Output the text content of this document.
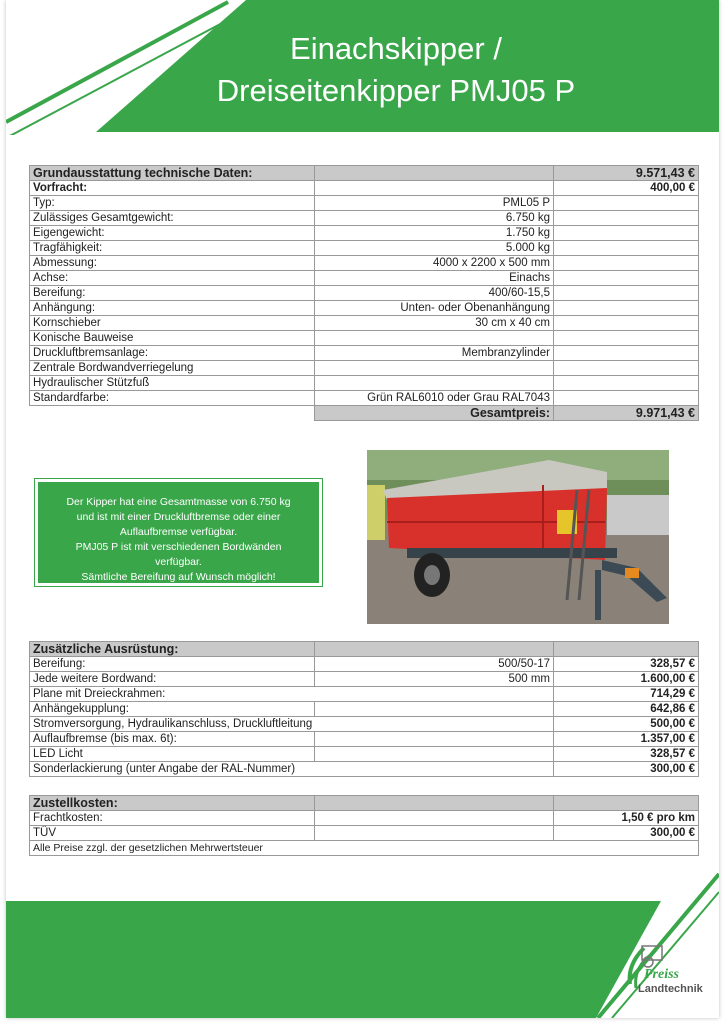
Einachskipper /
Dreiseitenkipper PMJ05 P
Grundausstattung technische Daten:		9.571,43 €
Vorfracht:		400,00 €
Typ:	PML05 P	
Zulässiges Gesamtgewicht:	6.750 kg	
Eigengewicht:	1.750 kg	
Tragfähigkeit:	5.000 kg	
Abmessung:	4000 x 2200 x 500 mm	
Achse:	Einachs	
Bereifung:	400/60-15,5	
Anhängung:	Unten- oder Obenanhängung	
Kornschieber	30 cm x 40 cm	
Konische Bauweise		
Druckluftbremsanlage:	Membranzylinder	
Zentrale Bordwandverriegelung		
Hydraulischer Stützfuß		
Standardfarbe:	Grün RAL6010 oder Grau RAL7043	
	Gesamtpreis:	9.971,43 €
Der Kipper hat eine Gesamtmasse von 6.750 kg
und ist mit einer Druckluftbremse oder einer
Auflaufbremse verfügbar.
PMJ05 P ist mit verschiedenen Bordwänden
verfügbar.
Sämtliche Bereifung auf Wunsch möglich!
Zusätzliche Ausrüstung:		
Bereifung:	500/50-17	328,57 €
Jede weitere Bordwand:	500 mm	1.600,00 €
Plane mit Dreieckrahmen:		714,29 €
Anhängekupplung:		642,86 €
Stromversorgung, Hydraulikanschluss, Druckluftleitung		500,00 €
Auflaufbremse (bis max. 6t):		1.357,00 €
LED Licht		328,57 €
Sonderlackierung (unter Angabe der RAL-Nummer)		300,00 €
Zustellkosten:		
Frachtkosten:		1,50 € pro km
TÜV		300,00 €
Alle Preise zzgl. der gesetzlichen Mehrwertsteuer		
Preiss
Landtechnik
